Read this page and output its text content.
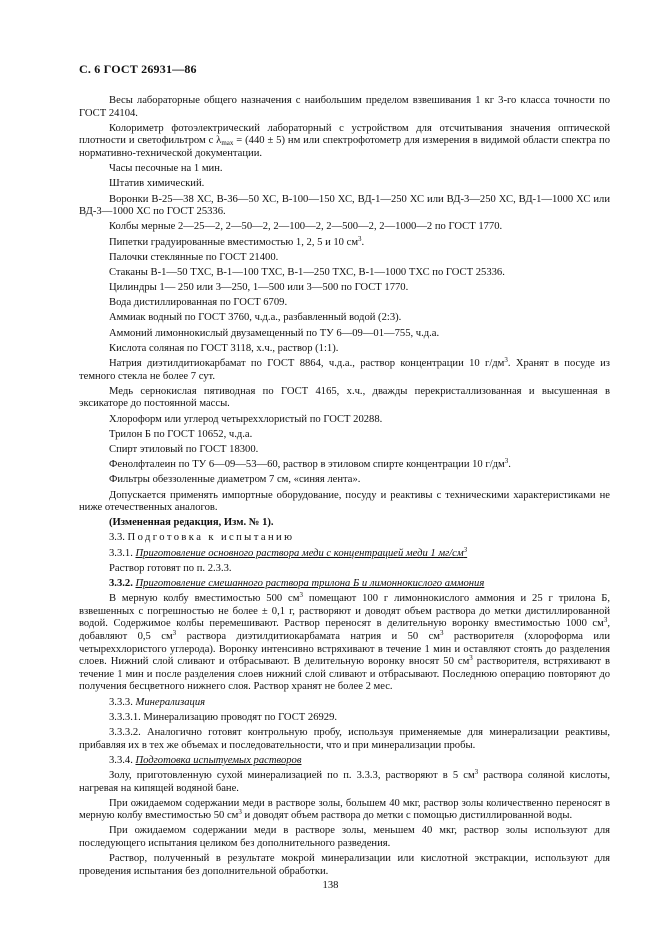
С. 6 ГОСТ 26931—86

Весы лабораторные общего назначения с наибольшим пределом взвешивания 1 кг 3-го класса точности по ГОСТ 24104.

Колориметр фотоэлектрический лабораторный с устройством для отсчитывания значения оптической плотности и светофильтром с $\lambda_{max} = (440 \pm 5)$ нм или спектрофотометр для измерения в видимой области спектра по нормативно-технической документации.

Часы песочные на 1 мин.

Штатив химический.

Воронки В-25—38 ХС, В-36—50 ХС, В-100—150 ХС, ВД-1—250 ХС или ВД-3—250 ХС, ВД-1—1000 ХС или ВД-3—1000 ХС по ГОСТ 25336.

Колбы мерные 2—25—2, 2—50—2, 2—100—2, 2—500—2, 2—1000—2 по ГОСТ 1770.

Пипетки градуированные вместимостью 1, 2, 5 и 10 $см^3$.

Палочки стеклянные по ГОСТ 21400.

Стаканы В-1—50 ТХС, В-1—100 ТХС, В-1—250 ТХС, В-1—1000 ТХС по ГОСТ 25336.

Цилиндры 1— 250 или 3—250, 1—500 или 3—500 по ГОСТ 1770.

Вода дистиллированная по ГОСТ 6709.

Аммиак водный по ГОСТ 3760, ч.д.а., разбавленный водой (2:3).

Аммоний лимоннокислый двузамещенный по ТУ 6—09—01—755, ч.д.а.

Кислота соляная по ГОСТ 3118, х.ч., раствор (1:1).

Натрия диэтилдитиокарбамат по ГОСТ 8864, ч.д.а., раствор концентрации 10 $г/дм^3$. Хранят в посуде из темного стекла не более 7 сут.

Медь сернокислая пятиводная по ГОСТ 4165, х.ч., дважды перекристаллизованная и высушенная в эксикаторе до постоянной массы.

Хлороформ или углерод четыреххлористый по ГОСТ 20288.

Трилон Б по ГОСТ 10652, ч.д.а.

Спирт этиловый по ГОСТ 18300.

Фенолфталеин по ТУ 6—09—53—60, раствор в этиловом спирте концентрации 10 $г/дм^3$.

Фильтры обеззоленные диаметром 7 см, «синяя лента».

Допускается применять импортные оборудование, посуду и реактивы с техническими характеристиками не ниже отечественных аналогов.

(Измененная редакция, Изм. № 1).

3.3. Подготовка к испытанию

3.3.1. Приготовление основного раствора меди с концентрацией меди 1 $мг/см^3$

Раствор готовят по п. 2.3.3.

3.3.2. Приготовление смешанного раствора трилона Б и лимоннокислого аммония

В мерную колбу вместимостью 500 $см^3$ помещают 100 г лимоннокислого аммония и 25 г трилона Б, взвешенных с погрешностью не более ± 0,1 г, растворяют и доводят объем раствора до метки дистиллированной водой. Содержимое колбы перемешивают. Раствор переносят в делительную воронку вместимостью 1000 $см^3$, добавляют 0,5 $см^3$ раствора диэтилдитиокарбамата натрия и 50 $см^3$ растворителя (хлороформа или четыреххлористого углерода). Воронку интенсивно встряхивают в течение 1 мин и оставляют стоять до разделения слоев. Нижний слой сливают и отбрасывают. В делительную воронку вносят 50 $см^3$ растворителя, встряхивают в течение 1 мин и после разделения слоев нижний слой сливают и отбрасывают. Последнюю операцию повторяют до получения бесцветного нижнего слоя. Раствор хранят не более 2 мес.

3.3.3. Минерализация

3.3.3.1. Минерализацию проводят по ГОСТ 26929.

3.3.3.2. Аналогично готовят контрольную пробу, используя применяемые для минерализации реактивы, прибавляя их в тех же объемах и последовательности, что и при минерализации пробы.

3.3.4. Подготовка испытуемых растворов

Золу, приготовленную сухой минерализацией по п. 3.3.3, растворяют в 5 $см^3$ раствора соляной кислоты, нагревая на кипящей водяной бане.

При ожидаемом содержании меди в растворе золы, большем 40 мкг, раствор золы количественно переносят в мерную колбу вместимостью 50 $см^3$ и доводят объем раствора до метки с помощью дистиллированной воды.

При ожидаемом содержании меди в растворе золы, меньшем 40 мкг, раствор золы используют для последующего испытания целиком без дополнительного разведения.

Раствор, полученный в результате мокрой минерализации или кислотной экстракции, используют для проведения испытания без дополнительной обработки.

138
